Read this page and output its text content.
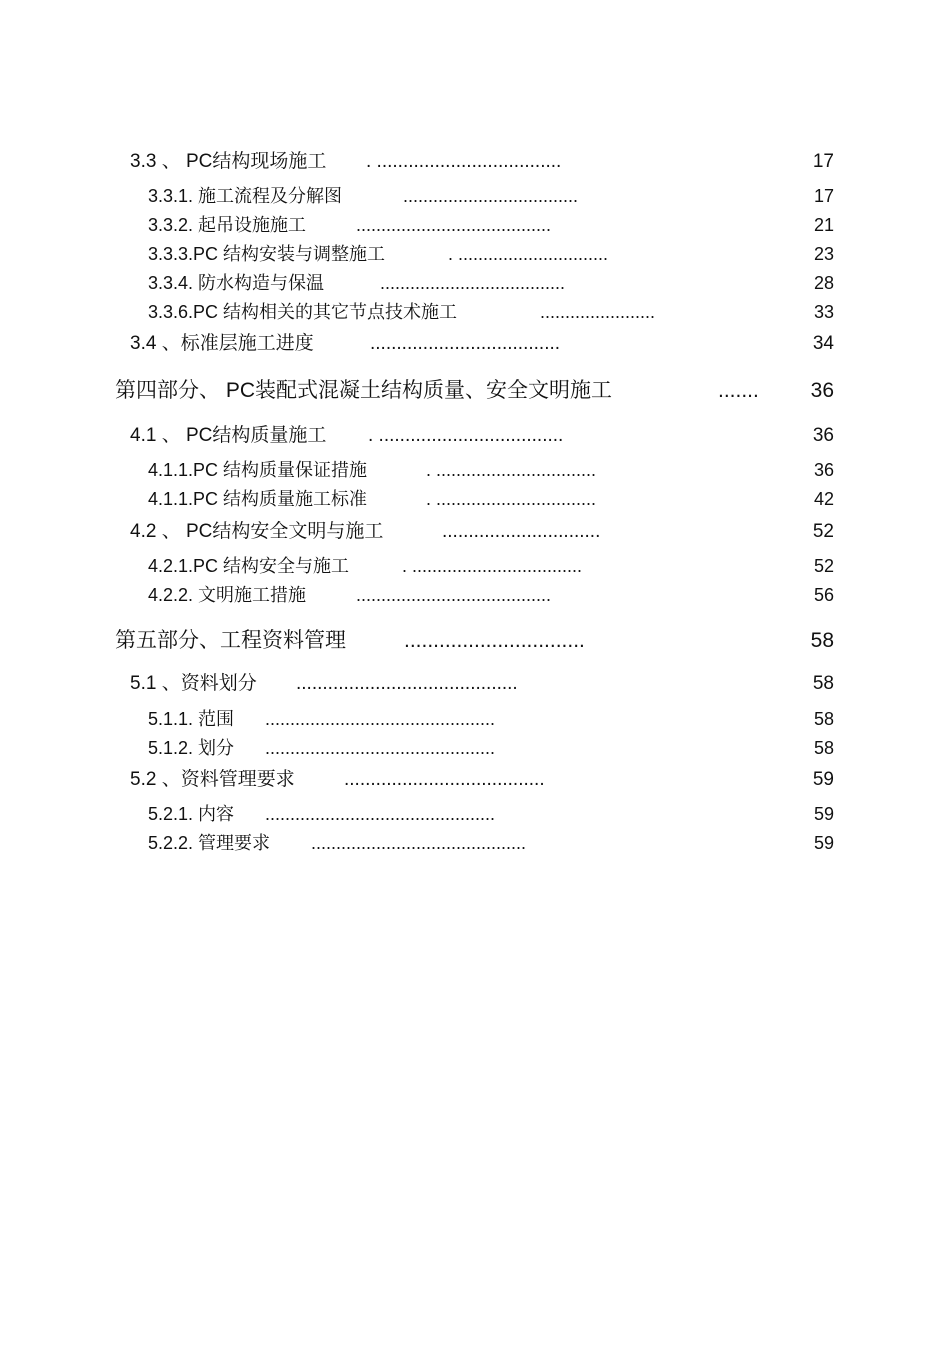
3.3 、 PC结构现场施工 . ...................................	17
3.3.1. 施工流程及分解图	...................................	17
3.3.2. 起吊设施施工	.......................................	21
3.3.3.PC 结构安装与调整施工	. ..............................	23
3.3.4. 防水构造与保温	.....................................	28
3.3.6.PC 结构相关的其它节点技术施工	.......................	33
3.4 、标准层施工进度	....................................	34
第四部分、 PC装配式混凝土结构质量、安全文明施工	....... 36
4.1 、 PC结构质量施工 . ...................................	36
4.1.1.PC 结构质量保证措施	. ................................	36
4.1.1.PC 结构质量施工标准	. ................................	42
4.2 、 PC结构安全文明与施工	..............................	52
4.2.1.PC 结构安全与施工	. ..................................	52
4.2.2. 文明施工措施	.......................................	56
第五部分、工程资料管理	...............................	58
5.1 、资料划分 ..........................................	58
5.1.1. 范围 ..............................................	58
5.1.2. 划分 ..............................................	58
5.2 、资料管理要求	......................................	59
5.2.1. 内容 ..............................................	59
5.2.2. 管理要求 ...........................................	59
